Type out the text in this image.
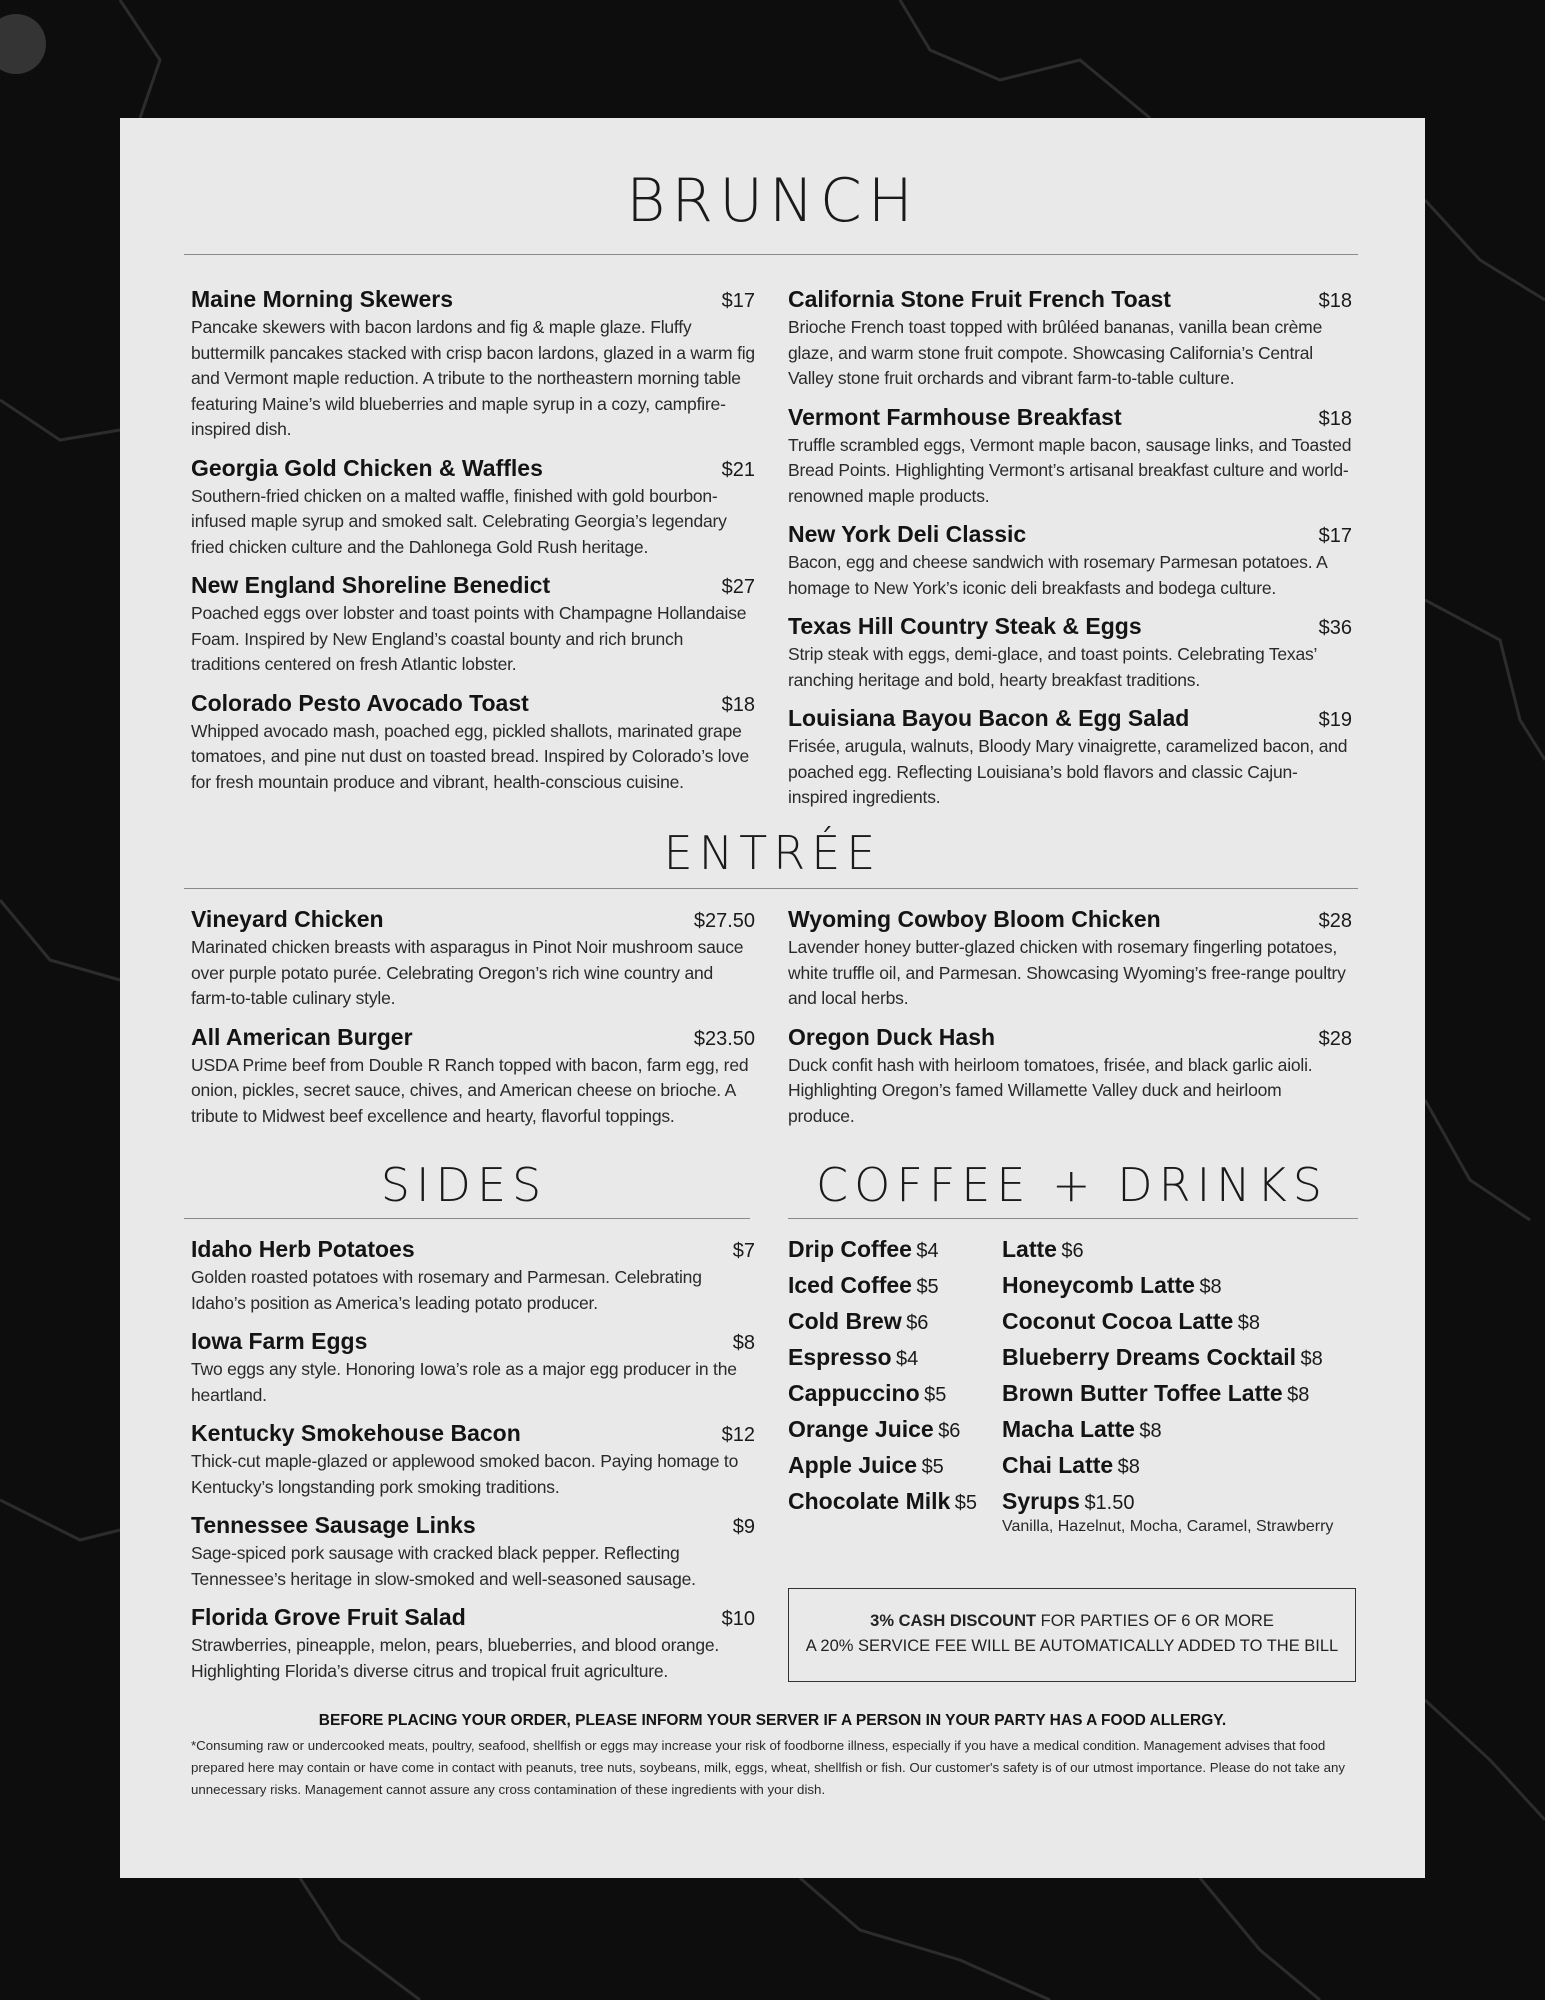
BRUNCH
Maine Morning Skewers	$17
Pancake skewers with bacon lardons and fig & maple glaze. Fluffy buttermilk pancakes stacked with crisp bacon lardons, glazed in a warm fig and Vermont maple reduction. A tribute to the northeastern morning table featuring Maine’s wild blueberries and maple syrup in a cozy, campfire-inspired dish.
Georgia Gold Chicken & Waffles	$21
Southern-fried chicken on a malted waffle, finished with gold bourbon-infused maple syrup and smoked salt. Celebrating Georgia’s legendary fried chicken culture and the Dahlonega Gold Rush heritage.
New England Shoreline Benedict	$27
Poached eggs over lobster and toast points with Champagne Hollandaise Foam. Inspired by New England’s coastal bounty and rich brunch traditions centered on fresh Atlantic lobster.
Colorado Pesto Avocado Toast	$18
Whipped avocado mash, poached egg, pickled shallots, marinated grape tomatoes, and pine nut dust on toasted bread. Inspired by Colorado’s love for fresh mountain produce and vibrant, health-conscious cuisine.
California Stone Fruit French Toast	$18
Brioche French toast topped with brûléed bananas, vanilla bean crème glaze, and warm stone fruit compote. Showcasing California’s Central Valley stone fruit orchards and vibrant farm-to-table culture.
Vermont Farmhouse Breakfast	$18
Truffle scrambled eggs, Vermont maple bacon, sausage links, and Toasted Bread Points. Highlighting Vermont’s artisanal breakfast culture and world-renowned maple products.
New York Deli Classic	$17
Bacon, egg and cheese sandwich with rosemary Parmesan potatoes. A homage to New York’s iconic deli breakfasts and bodega culture.
Texas Hill Country Steak & Eggs	$36
Strip steak with eggs, demi-glace, and toast points. Celebrating Texas’ ranching heritage and bold, hearty breakfast traditions.
Louisiana Bayou Bacon & Egg Salad	$19
Frisée, arugula, walnuts, Bloody Mary vinaigrette, caramelized bacon, and poached egg. Reflecting Louisiana’s bold flavors and classic Cajun-inspired ingredients.
ENTRÉE
Vineyard Chicken	$27.50
Marinated chicken breasts with asparagus in Pinot Noir mushroom sauce over purple potato purée. Celebrating Oregon’s rich wine country and farm-to-table culinary style.
All American Burger	$23.50
USDA Prime beef from Double R Ranch topped with bacon, farm egg, red onion, pickles, secret sauce, chives, and American cheese on brioche. A tribute to Midwest beef excellence and hearty, flavorful toppings.
Wyoming Cowboy Bloom Chicken	$28
Lavender honey butter-glazed chicken with rosemary fingerling potatoes, white truffle oil, and Parmesan. Showcasing Wyoming’s free-range poultry and local herbs.
Oregon Duck Hash	$28
Duck confit hash with heirloom tomatoes, frisée, and black garlic aioli. Highlighting Oregon’s famed Willamette Valley duck and heirloom produce.
SIDES
Idaho Herb Potatoes	$7
Golden roasted potatoes with rosemary and Parmesan. Celebrating Idaho’s position as America’s leading potato producer.
Iowa Farm Eggs	$8
Two eggs any style. Honoring Iowa’s role as a major egg producer in the heartland.
Kentucky Smokehouse Bacon	$12
Thick-cut maple-glazed or applewood smoked bacon. Paying homage to Kentucky’s longstanding pork smoking traditions.
Tennessee Sausage Links	$9
Sage-spiced pork sausage with cracked black pepper. Reflecting Tennessee’s heritage in slow-smoked and well-seasoned sausage.
Florida Grove Fruit Salad	$10
Strawberries, pineapple, melon, pears, blueberries, and blood orange. Highlighting Florida’s diverse citrus and tropical fruit agriculture.
COFFEE + DRINKS
Drip Coffee $4
Iced Coffee $5
Cold Brew $6
Espresso $4
Cappuccino $5
Orange Juice $6
Apple Juice $5
Chocolate Milk $5
Latte $6
Honeycomb Latte $8
Coconut Cocoa Latte $8
Blueberry Dreams Cocktail $8
Brown Butter Toffee Latte $8
Macha Latte $8
Chai Latte $8
Syrups $1.50
Vanilla, Hazelnut, Mocha, Caramel, Strawberry
3% CASH DISCOUNT FOR PARTIES OF 6 OR MORE
A 20% SERVICE FEE WILL BE AUTOMATICALLY ADDED TO THE BILL
BEFORE PLACING YOUR ORDER, PLEASE INFORM YOUR SERVER IF A PERSON IN YOUR PARTY HAS A FOOD ALLERGY.
*Consuming raw or undercooked meats, poultry, seafood, shellfish or eggs may increase your risk of foodborne illness, especially if you have a medical condition. Management advises that food prepared here may contain or have come in contact with peanuts, tree nuts, soybeans, milk, eggs, wheat, shellfish or fish. Our customer's safety is of our utmost importance. Please do not take any unnecessary risks. Management cannot assure any cross contamination of these ingredients with your dish.
